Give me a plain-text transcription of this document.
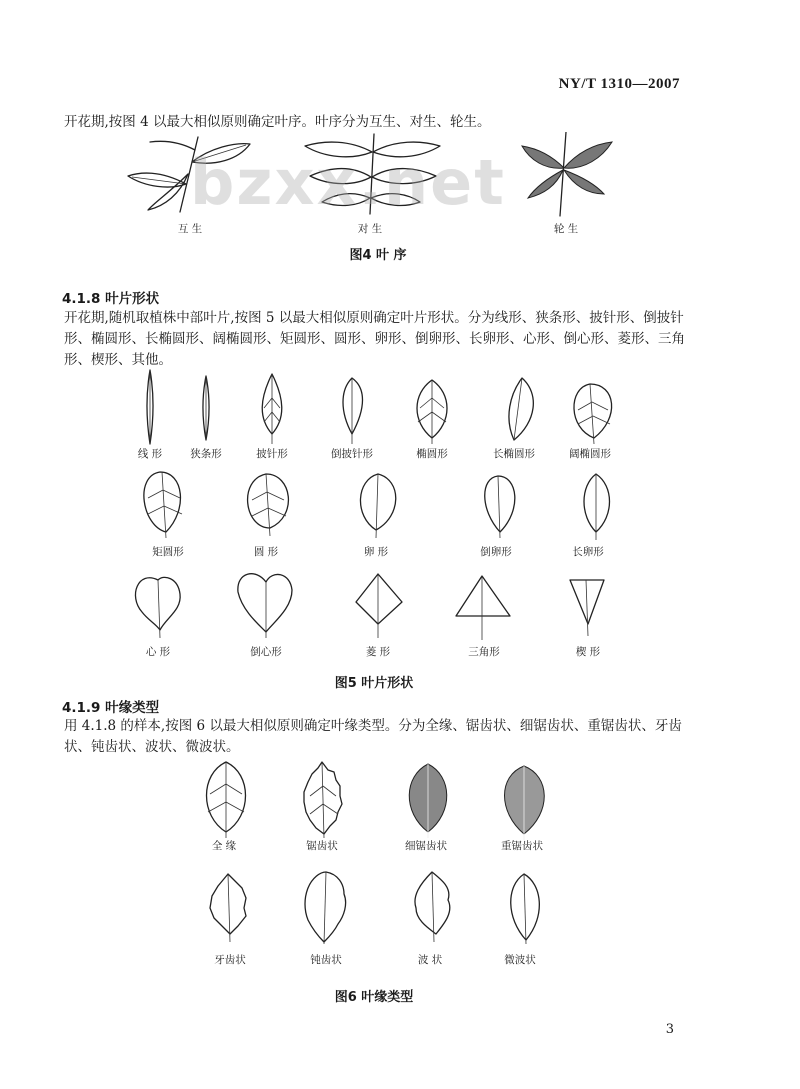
NY/T 1310—2007
开花期,按图 4 以最大相似原则确定叶序。叶序分为互生、对生、轮生。
互 生	对 生	轮 生
图4 叶 序
bzxx.net
4.1.8 叶片形状
开花期,随机取植株中部叶片,按图 5 以最大相似原则确定叶片形状。分为线形、狭条形、披针形、倒披针形、椭圆形、长椭圆形、阔椭圆形、矩圆形、圆形、卵形、倒卵形、长卵形、心形、倒心形、菱形、三角形、楔形、其他。
线 形	狭条形	披针形	倒披针形	椭圆形	长椭圆形	阔椭圆形
矩圆形	圆 形	卵 形	倒卵形	长卵形
心 形	倒心形	菱 形	三角形	楔 形
图5 叶片形状
4.1.9 叶缘类型
用 4.1.8 的样本,按图 6 以最大相似原则确定叶缘类型。分为全缘、锯齿状、细锯齿状、重锯齿状、牙齿状、钝齿状、波状、微波状。
全 缘	锯齿状	细锯齿状	重锯齿状
牙齿状	钝齿状	波 状	微波状
图6 叶缘类型
3
